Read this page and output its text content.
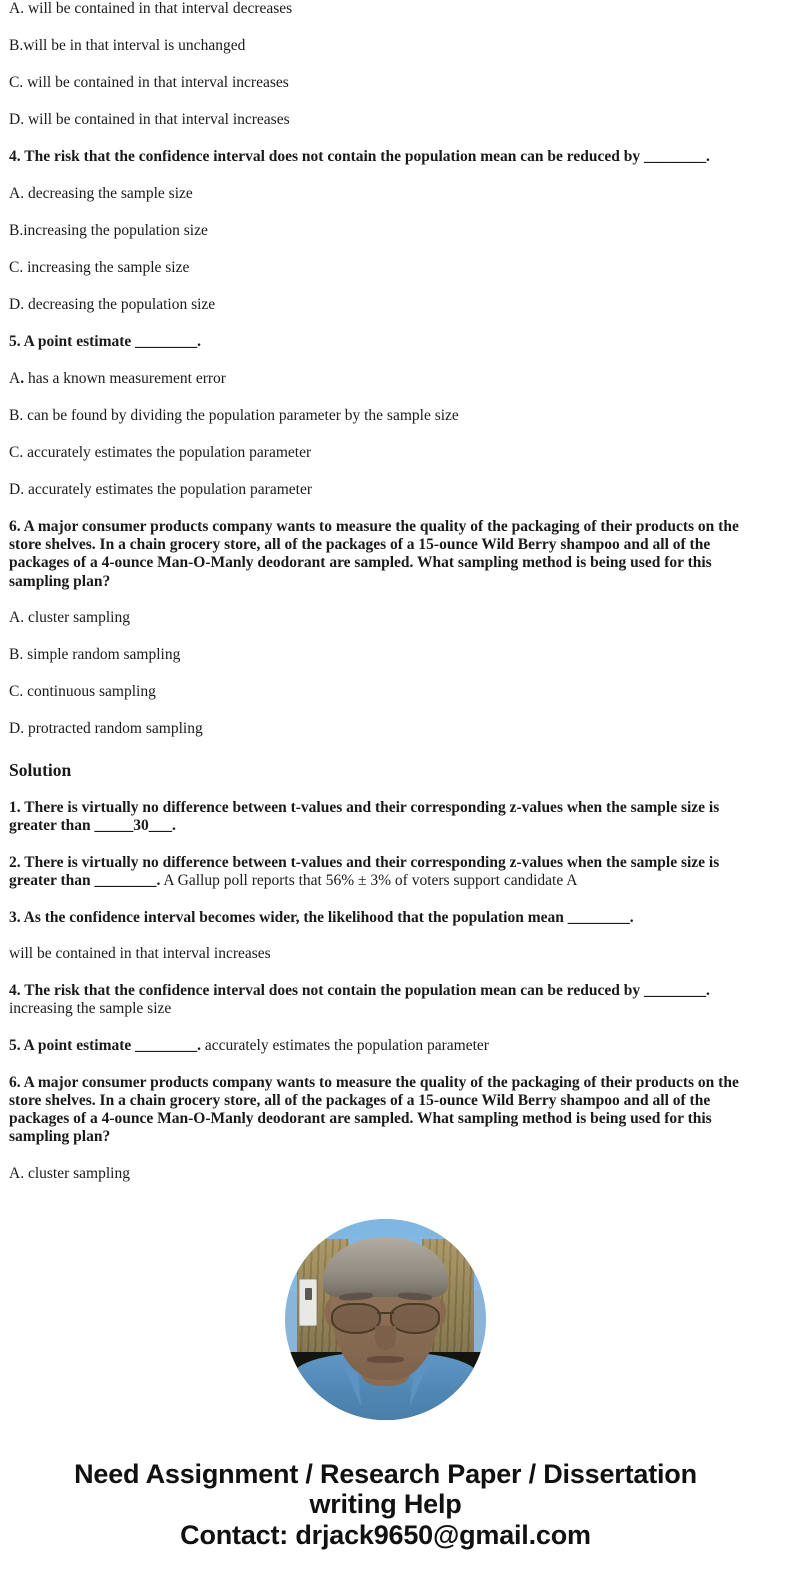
A. will be contained in that interval decreases

B.will be in that interval is unchanged

C. will be contained in that interval increases

D. will be contained in that interval increases

4. The risk that the confidence interval does not contain the population mean can be reduced by ________.

A. decreasing the sample size

B.increasing the population size

C. increasing the sample size

D. decreasing the population size

5. A point estimate ________.

A. has a known measurement error

B. can be found by dividing the population parameter by the sample size

C. accurately estimates the population parameter

D. accurately estimates the population parameter

6. A major consumer products company wants to measure the quality of the packaging of their products on the store shelves. In a chain grocery store, all of the packages of a 15-ounce Wild Berry shampoo and all of the packages of a 4-ounce Man-O-Manly deodorant are sampled. What sampling method is being used for this sampling plan?

A. cluster sampling

B. simple random sampling

C. continuous sampling

D. protracted random sampling

Solution

1. There is virtually no difference between t-values and their corresponding z-values when the sample size is greater than _____30___.

2. There is virtually no difference between t-values and their corresponding z-values when the sample size is greater than ________. A Gallup poll reports that 56% ± 3% of voters support candidate A

3. As the confidence interval becomes wider, the likelihood that the population mean ________.

will be contained in that interval increases

4. The risk that the confidence interval does not contain the population mean can be reduced by ________.

increasing the sample size

5. A point estimate ________. accurately estimates the population parameter

6. A major consumer products company wants to measure the quality of the packaging of their products on the store shelves. In a chain grocery store, all of the packages of a 15-ounce Wild Berry shampoo and all of the packages of a 4-ounce Man-O-Manly deodorant are sampled. What sampling method is being used for this sampling plan?

A. cluster sampling

Need Assignment / Research Paper / Dissertation
writing Help
Contact: drjack9650@gmail.com
